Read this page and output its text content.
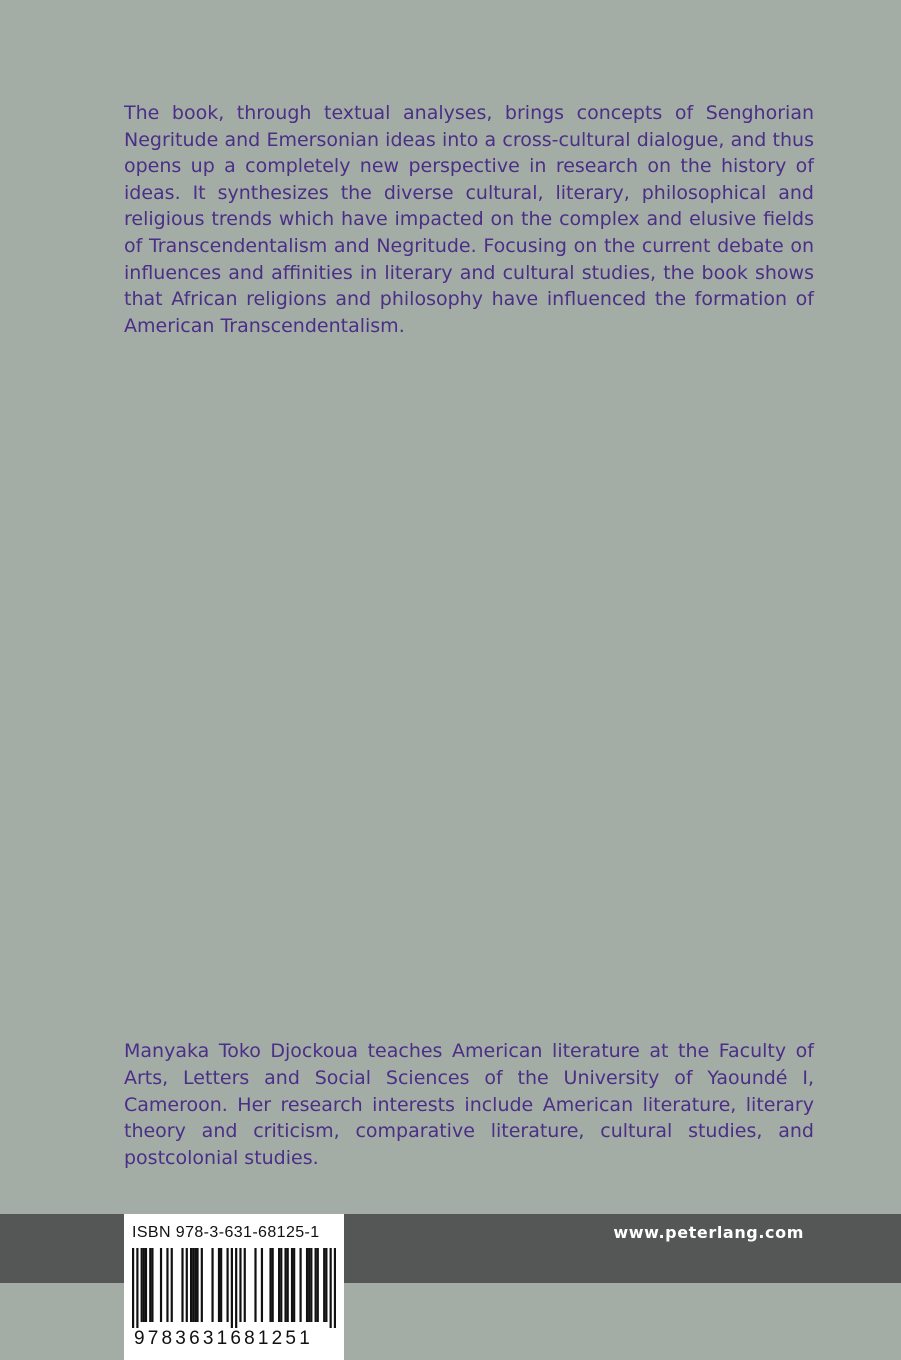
The book, through textual analyses, brings concepts of Senghorian Negritude and Emersonian ideas into a cross-cultural dialogue, and thus opens up a completely new perspective in research on the history of ideas. It synthesizes the diverse cultural, literary, philosophical and religious trends which have impacted on the complex and elusive fields of Transcendentalism and Negritude. Focusing on the current debate on influences and affinities in literary and cultural studies, the book shows that African religions and philosophy have influenced the formation of American Transcendentalism.

Manyaka Toko Djockoua teaches American literature at the Faculty of Arts, Letters and Social Sciences of the University of Yaoundé I, Cameroon. Her research interests include American literature, literary theory and criticism, comparative literature, cultural studies, and postcolonial studies.

www.peterlang.com
ISBN 978-3-631-68125-1
9783631681251
